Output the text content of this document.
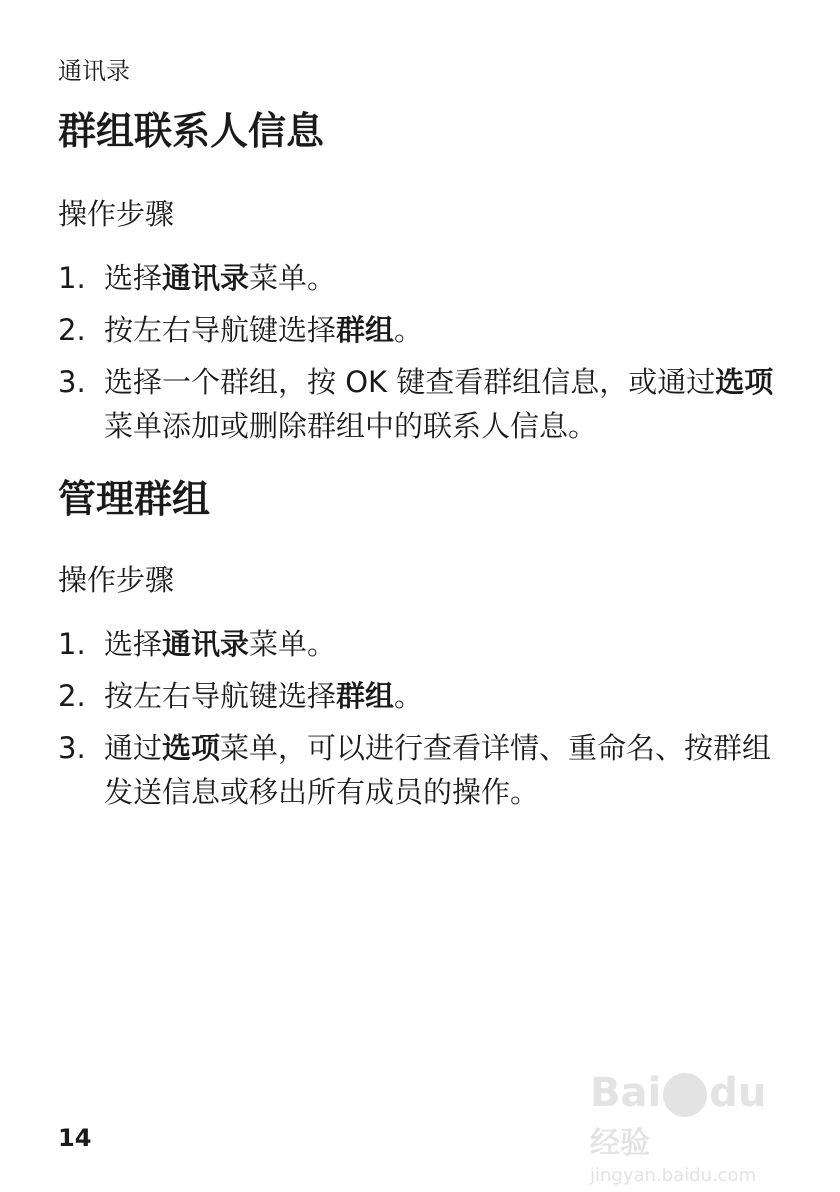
通讯录
群组联系人信息
操作步骤
1. 选择通讯录菜单。
2. 按左右导航键选择群组。
3. 选择一个群组，按 OK 键查看群组信息，或通过选项菜单添加或删除群组中的联系人信息。
管理群组
操作步骤
1. 选择通讯录菜单。
2. 按左右导航键选择群组。
3. 通过选项菜单，可以进行查看详情、重命名、按群组发送信息或移出所有成员的操作。
14
Bai du经验
jingyan.baidu.com
